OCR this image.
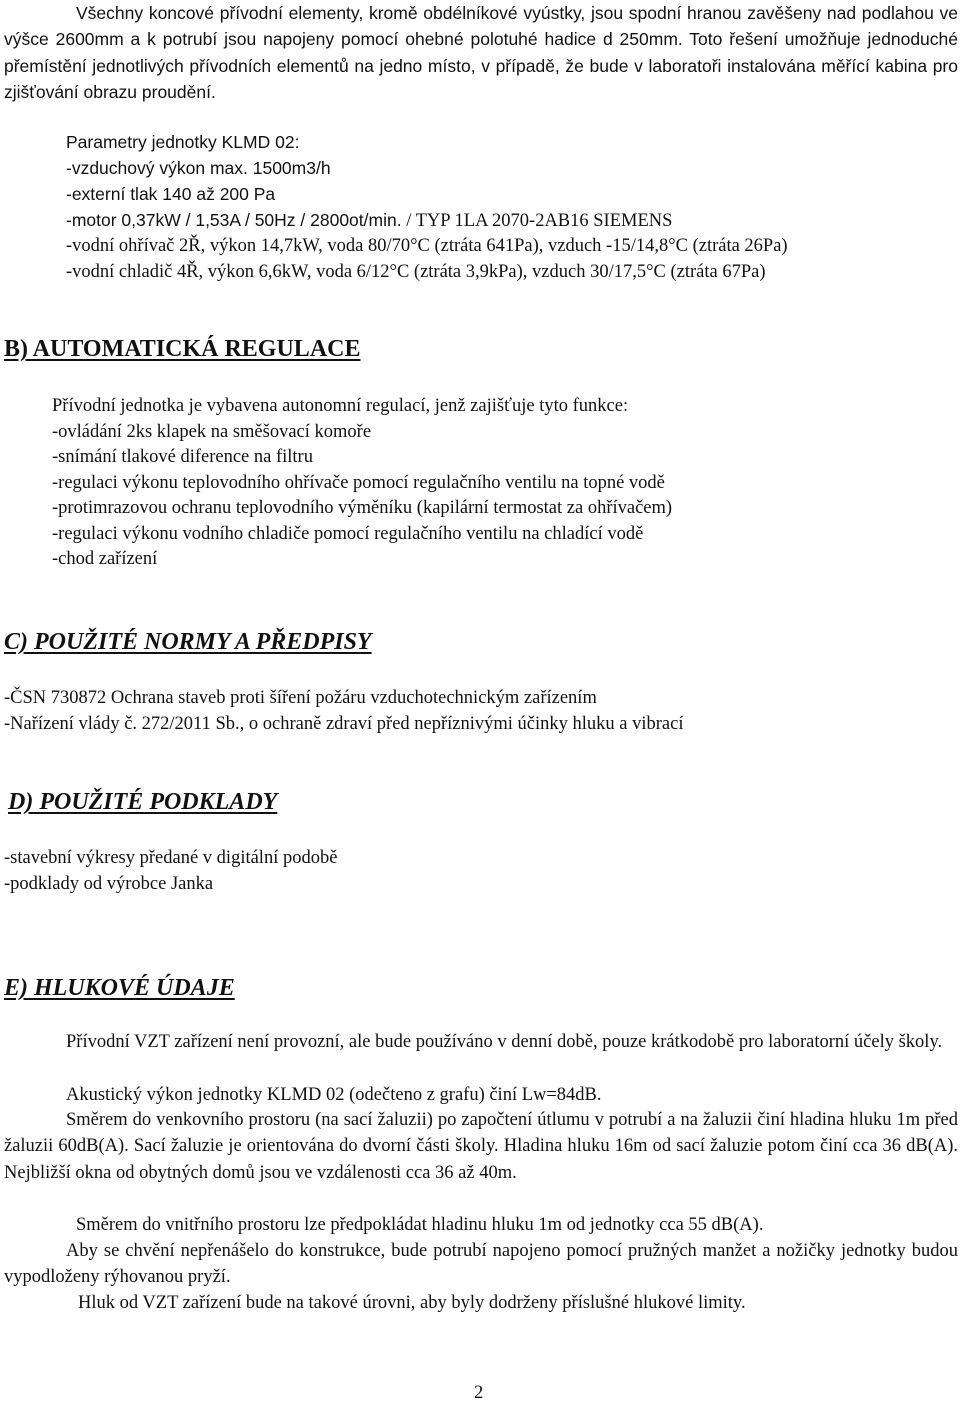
Všechny koncové přívodní elementy, kromě obdélníkové vyústky, jsou spodní hranou zavěšeny nad podlahou ve výšce 2600mm a k potrubí jsou napojeny pomocí ohebné polotuhé hadice d 250mm. Toto řešení umožňuje jednoduché přemístění jednotlivých přívodních elementů na jedno místo, v případě, že bude v laboratoři instalována měřící kabina pro zjišťování obrazu proudění.

Parametry jednotky KLMD 02:

-vzduchový výkon max. 1500m3/h

-externí tlak 140 až 200 Pa

-motor 0,37kW / 1,53A / 50Hz / 2800ot/min. / TYP 1LA 2070-2AB16 SIEMENS

-vodní ohřívač 2Ř, výkon 14,7kW, voda 80/70°C (ztráta 641Pa), vzduch -15/14,8°C (ztráta 26Pa)

-vodní chladič 4Ř, výkon 6,6kW, voda 6/12°C (ztráta 3,9kPa), vzduch 30/17,5°C (ztráta 67Pa)

B) AUTOMATICKÁ REGULACE

Přívodní jednotka je vybavena autonomní regulací, jenž zajišťuje tyto funkce:

-ovládání 2ks klapek na směšovací komoře

-snímání tlakové diference na filtru

-regulaci výkonu teplovodního ohřívače pomocí regulačního ventilu na topné vodě

-protimrazovou ochranu teplovodního výměníku (kapilární termostat za ohřívačem)

-regulaci výkonu vodního chladiče pomocí regulačního ventilu na chladící vodě

-chod zařízení

C) POUŽITÉ NORMY A PŘEDPISY

-ČSN 730872 Ochrana staveb proti šíření požáru vzduchotechnickým zařízením

-Nařízení vlády č. 272/2011 Sb., o ochraně zdraví před nepříznivými účinky hluku a vibrací

D) POUŽITÉ PODKLADY

-stavební výkresy předané v digitální podobě

-podklady od výrobce Janka

E) HLUKOVÉ ÚDAJE

Přívodní VZT zařízení není provozní, ale bude používáno v denní době, pouze krátkodobě pro laboratorní účely školy.

Akustický výkon jednotky KLMD 02 (odečteno z grafu) činí Lw=84dB.

Směrem do venkovního prostoru (na sací žaluzii) po započtení útlumu v potrubí a na žaluzii činí hladina hluku 1m před žaluzii 60dB(A). Sací žaluzie je orientována do dvorní části školy. Hladina hluku 16m od sací žaluzie potom činí cca 36 dB(A). Nejbližší okna od obytných domů jsou ve vzdálenosti cca 36 až 40m.

Směrem do vnitřního prostoru lze předpokládat hladinu hluku 1m od jednotky cca 55 dB(A).

Aby se chvění nepřenášelo do konstrukce, bude potrubí napojeno pomocí pružných manžet a nožičky jednotky budou vypodloženy rýhovanou pryží.

Hluk od VZT zařízení bude na takové úrovni, aby byly dodrženy příslušné hlukové limity.

2
